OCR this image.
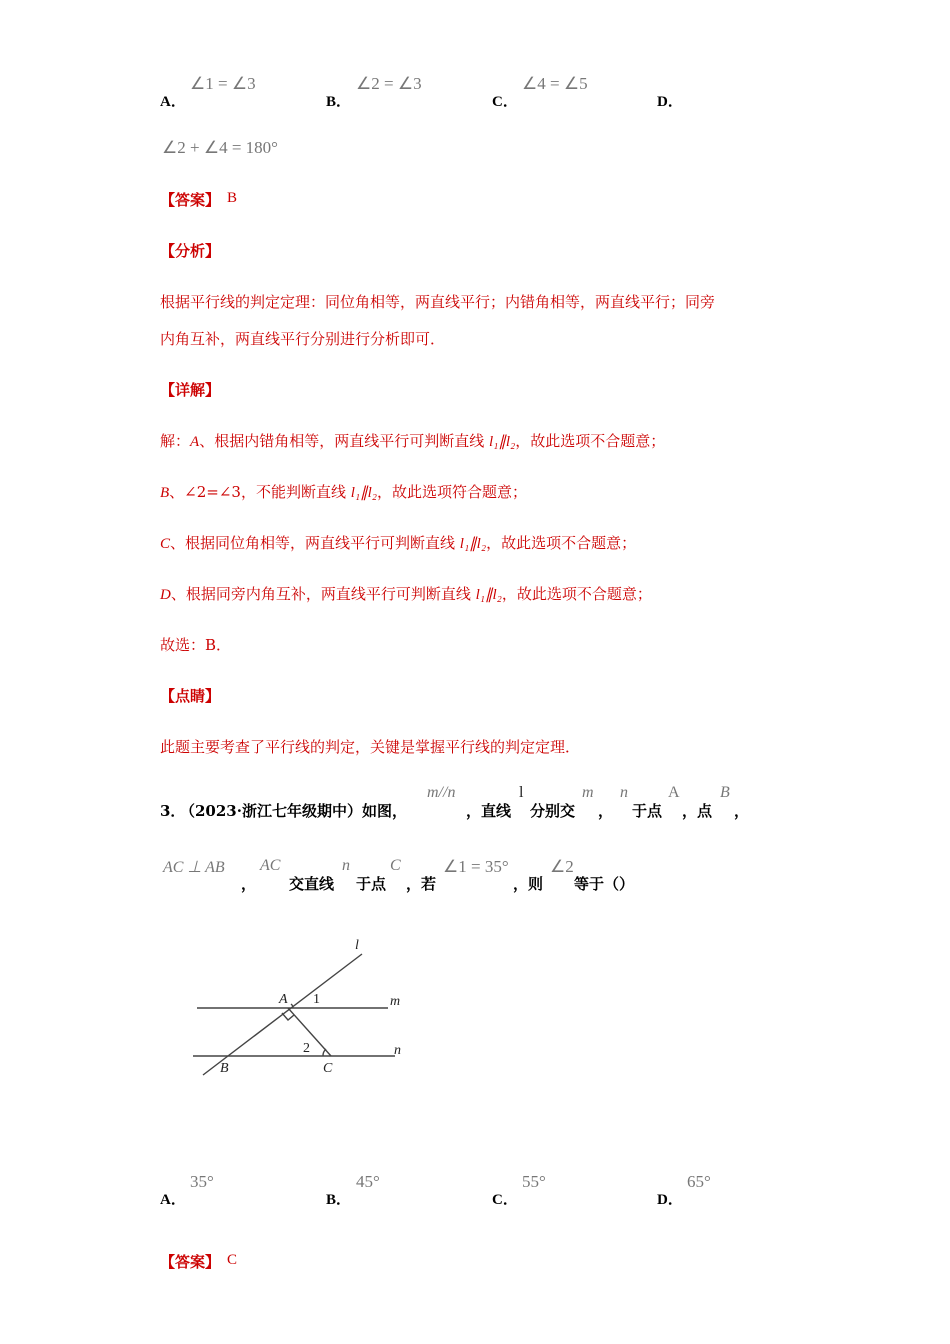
A．
∠1 = ∠3
B．
∠2 = ∠3
C．
∠4 = ∠5
D．
∠2 + ∠4 = 180°
【答案】 B
【分析】
根据平行线的判定定理：同位角相等，两直线平行；内错角相等，两直线平行；同旁
内角互补，两直线平行分别进行分析即可．
【详解】
解：A、根据内错角相等，两直线平行可判断直线 l₁∥l₂，故此选项不合题意；
B、∠2=∠3，不能判断直线 l₁∥l₂，故此选项符合题意；
C、根据同位角相等，两直线平行可判断直线 l₁∥l₂，故此选项不合题意；
D、根据同旁内角互补，两直线平行可判断直线 l₁∥l₂，故此选项不合题意；
故选：B．
【点睛】
此题主要考查了平行线的判定，关键是掌握平行线的判定定理．
3．
（2023·浙江七年级期中）如图，
m//n
，直线
l
分别交
m
，
n
于点
A
，点
B
，
AC ⊥ AB
，
AC
交直线
n
于点
C
，若
∠1 = 35°
，则
∠2
等于（）
l
A	m
n
B	C
1
2
A．
35°
B．
45°
C．
55°
D．
65°
【答案】 C
